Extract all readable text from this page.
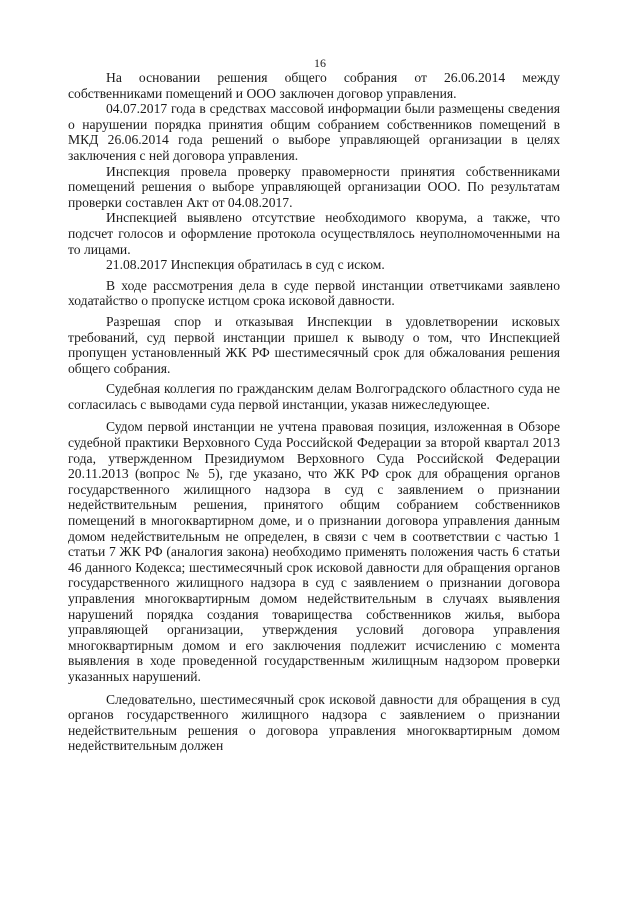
16

На основании решения общего собрания от 26.06.2014 между собственниками помещений и ООО заключен договор управления.

04.07.2017 года в средствах массовой информации были размещены сведения о нарушении порядка принятия общим собранием собственников помещений в МКД 26.06.2014 года решений о выборе управляющей организации в целях заключения с ней договора управления.

Инспекция провела проверку правомерности принятия собственниками помещений решения о выборе управляющей организации ООО. По результатам проверки составлен Акт от 04.08.2017.

Инспекцией выявлено отсутствие необходимого кворума, а также, что подсчет голосов и оформление протокола осуществлялось неуполномоченными на то лицами.

21.08.2017 Инспекция обратилась в суд с иском.

В ходе рассмотрения дела в суде первой инстанции ответчиками заявлено ходатайство о пропуске истцом срока исковой давности.

Разрешая спор и отказывая Инспекции в удовлетворении исковых требований, суд первой инстанции пришел к выводу о том, что Инспекцией пропущен установленный ЖК РФ шестимесячный срок для обжалования решения общего собрания.

Судебная коллегия по гражданским делам Волгоградского областного суда не согласилась с выводами суда первой инстанции, указав нижеследующее.

Судом первой инстанции не учтена правовая позиция, изложенная в Обзоре судебной практики Верховного Суда Российской Федерации за второй квартал 2013 года, утвержденном Президиумом Верховного Суда Российской Федерации 20.11.2013 (вопрос № 5), где указано, что ЖК РФ срок для обращения органов государственного жилищного надзора в суд с заявлением о признании недействительным решения, принятого общим собранием собственников помещений в многоквартирном доме, и о признании договора управления данным домом недействительным не определен, в связи с чем в соответствии с частью 1 статьи 7 ЖК РФ (аналогия закона) необходимо применять положения часть 6 статьи 46 данного Кодекса; шестимесячный срок исковой давности для обращения органов государственного жилищного надзора в суд с заявлением о признании договора управления многоквартирным домом недействительным в случаях выявления нарушений порядка создания товарищества собственников жилья, выбора управляющей организации, утверждения условий договора управления многоквартирным домом и его заключения подлежит исчислению с момента выявления в ходе проведенной государственным жилищным надзором проверки указанных нарушений.

Следовательно, шестимесячный срок исковой давности для обращения в суд органов государственного жилищного надзора с заявлением о признании недействительным решения о договора управления многоквартирным домом недействительным должен
